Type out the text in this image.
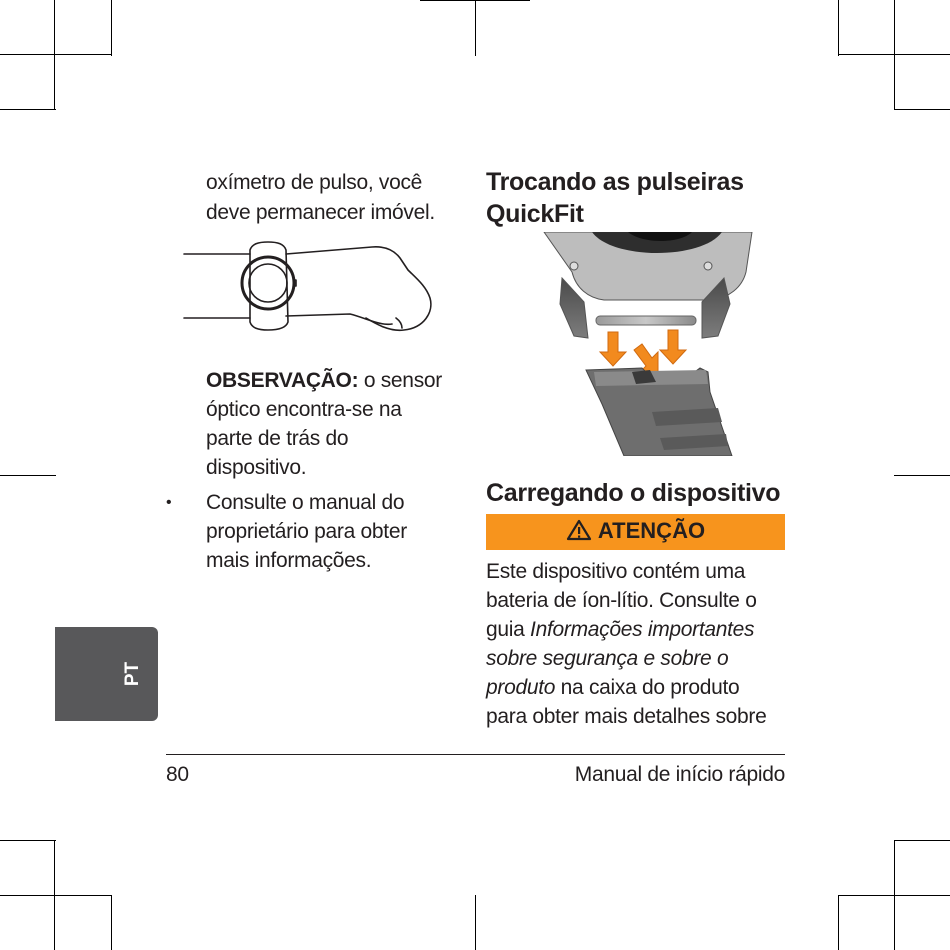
oxímetro de pulso, você
deve permanecer imóvel.
OBSERVAÇÃO: o sensor
óptico encontra-se na
parte de trás do
dispositivo.
• Consulte o manual do
proprietário para obter
mais informações.
PT
Trocando as pulseiras
QuickFit
Carregando o dispositivo
ATENÇÃO
Este dispositivo contém uma
bateria de íon-lítio. Consulte o
guia Informações importantes
sobre segurança e sobre o
produto na caixa do produto
para obter mais detalhes sobre
80	Manual de início rápido
